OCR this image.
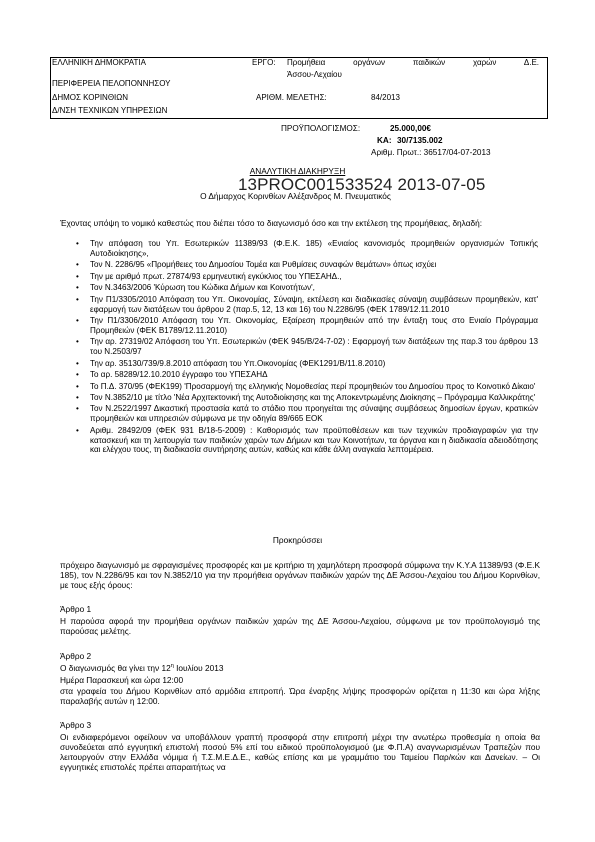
ΕΛΛΗΝΙΚΗ ΔΗΜΟΚΡΑΤΙΑ
ΠΕΡΙΦΕΡΕΙΑ ΠΕΛΟΠΟΝΝΗΣΟΥ
ΔΗΜΟΣ ΚΟΡΙΝΘΙΩΝ
Δ/ΝΣΗ ΤΕΧΝΙΚΩΝ ΥΠΗΡΕΣΙΩΝ
ΕΡΓΟ: Προμήθεια οργάνων παιδικών χαρών Δ.Ε.
Άσσου-Λεχαίου
ΑΡΙΘΜ. ΜΕΛΕΤΗΣ:	84/2013
ΠΡΟΫΠΟΛΟΓΙΣΜΟΣ:	25.000,00€
ΚΑ: 30/7135.002
Αριθμ. Πρωτ.: 36517/04-07-2013
ΑΝΑΛΥΤΙΚΗ ΔΙΑΚΗΡΥΞΗ
13PROC001533524 2013-07-05
Ο Δήμαρχος Κορινθίων Αλέξανδρος Μ. Πνευματικός
Έχοντας υπόψη το νομικό καθεστώς που διέπει τόσο το διαγωνισμό όσο και την εκτέλεση της προμήθειας, δηλαδή:
• Την απόφαση του Υπ. Εσωτερικών 11389/93 (Φ.Ε.Κ. 185) «Ενιαίος κανονισμός προμηθειών οργανισμών Τοπικής Αυτοδιοίκησης»,
• Τον Ν. 2286/95 «Προμήθειες του Δημοσίου Τομέα και Ρυθμίσεις συναφών θεμάτων» όπως ισχύει
• Την με αριθμό πρωτ. 27874/93 ερμηνευτική εγκύκλιος του ΥΠΕΣΑΗΔ.,
• Τον Ν.3463/2006 'Κύρωση του Κώδικα Δήμων και Κοινοτήτων',
• Την Π1/3305/2010 Απόφαση του Υπ. Οικονομίας, Σύναψη, εκτέλεση και διαδικασίες σύναψη συμβάσεων προμηθειών, κατ' εφαρμογή των διατάξεων του άρθρου 2 (παρ.5, 12, 13 και 16) του Ν.2286/95 (ΦΕΚ 1789/12.11.2010
• Την Π1/3306/2010 Απόφαση του Υπ. Οικονομίας, Εξαίρεση προμηθειών από την ένταξη τους στο Ενιαίο Πρόγραμμα Προμηθειών (ΦΕΚ Β1789/12.11.2010)
• Την αρ. 27319/02 Απόφαση του Υπ. Εσωτερικών (ΦΕΚ 945/Β/24-7-02) : Εφαρμογή των διατάξεων της παρ.3 του άρθρου 13 του Ν.2503/97
• Την αρ. 35130/739/9.8.2010 απόφαση του Υπ.Οικονομίας (ΦΕΚ1291/Β/11.8.2010)
• Το αρ. 58289/12.10.2010 έγγραφο του ΥΠΕΣΑΗΔ
• Το Π.Δ. 370/95 (ΦΕΚ199) 'Προσαρμογή της ελληνικής Νομοθεσίας περί προμηθειών του Δημοσίου προς το Κοινοτικό Δίκαιο'
• Τον Ν.3852/10 με τίτλο 'Νέα Αρχιτεκτονική της Αυτοδιοίκησης και της Αποκεντρωμένης Διοίκησης – Πρόγραμμα Καλλικράτης'
• Τον Ν.2522/1997 Δικαστική προστασία κατά το στάδιο που προηγείται της σύναψης συμβάσεως δημοσίων έργων, κρατικών προμηθειών και υπηρεσιών σύμφωνα με την οδηγία 89/665 ΕΟΚ
• Αριθμ. 28492/09 (ΦΕΚ 931 Β/18-5-2009) : Καθορισμός των προϋποθέσεων και των τεχνικών προδιαγραφών για την κατασκευή και τη λειτουργία των παιδικών χαρών των Δήμων και των Κοινοτήτων, τα όργανα και η διαδικασία αδειοδότησης και ελέγχου τους, τη διαδικασία συντήρησης αυτών, καθώς και κάθε άλλη αναγκαία λεπτομέρεια.
Προκηρύσσει
πρόχειρο διαγωνισμό με σφραγισμένες προσφορές και με κριτήριο τη χαμηλότερη προσφορά σύμφωνα την Κ.Υ.Α 11389/93 (Φ.Ε.Κ 185), τον Ν.2286/95 και τον Ν.3852/10 για την προμήθεια οργάνων παιδικών χαρών της ΔΕ Άσσου-Λεχαίου του Δήμου Κορινθίων, με τους εξής όρους:
Άρθρο 1
Η παρούσα αφορά την προμήθεια οργάνων παιδικών χαρών της ΔΕ Άσσου-Λεχαίου, σύμφωνα με τον προϋπολογισμό της παρούσας μελέτης.
Άρθρο 2
Ο διαγωνισμός θα γίνει την $12^\eta$ Ιουλίου 2013
Ημέρα Παρασκευή και ώρα 12:00
στα γραφεία του Δήμου Κορινθίων από αρμόδια επιτροπή. Ώρα έναρξης λήψης προσφορών ορίζεται η 11:30 και ώρα λήξης παραλαβής αυτών η 12:00.
Άρθρο 3
Οι ενδιαφερόμενοι οφείλουν να υποβάλλουν γραπτή προσφορά στην επιτροπή μέχρι την ανωτέρω προθεσμία η οποία θα συνοδεύεται από εγγυητική επιστολή ποσού 5% επί του ειδικού προϋπολογισμού (με Φ.Π.Α) αναγνωρισμένων Τραπεζών που λειτουργούν στην Ελλάδα νόμιμα ή Τ.Σ.Μ.Ε.Δ.Ε., καθώς επίσης και με γραμμάτιο του Ταμείου Παρ/κών και Δανείων. – Οι εγγυητικές επιστολές πρέπει απαραιτήτως να
